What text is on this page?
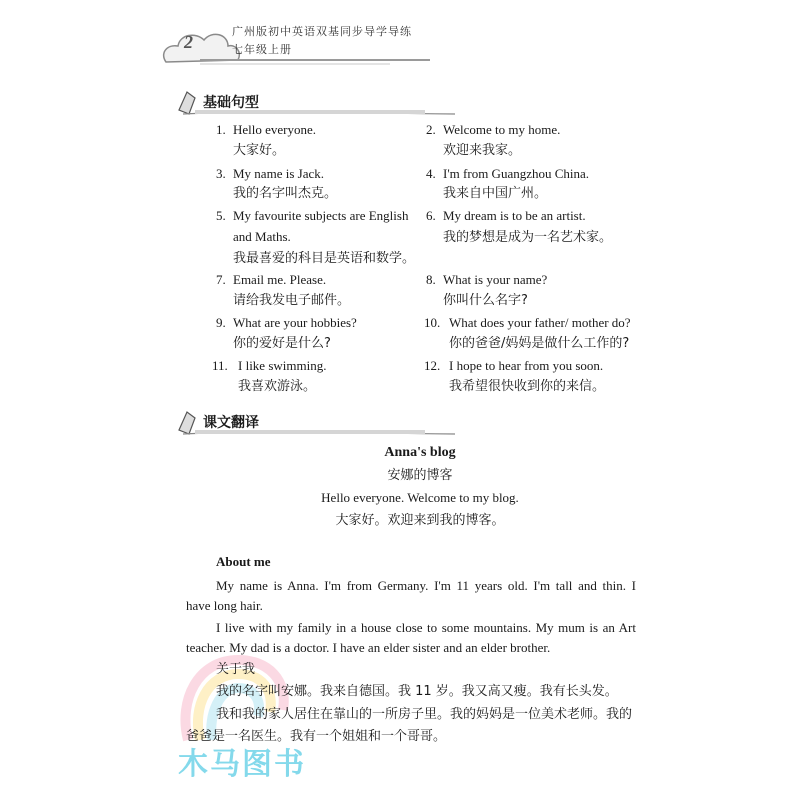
2
广州版初中英语双基同步导学导练
七年级上册
基础句型
1. Hello everyone.
大家好。
3. My name is Jack.
我的名字叫杰克。
5. My favourite subjects are English
and Maths.
我最喜爱的科目是英语和数学。
7. Email me. Please.
请给我发电子邮件。
9. What are your hobbies?
你的爱好是什么?
11. I like swimming.
我喜欢游泳。
2. Welcome to my home.
欢迎来我家。
4. I'm from Guangzhou China.
我来自中国广州。
6. My dream is to be an artist.
我的梦想是成为一名艺术家。
8. What is your name?
你叫什么名字?
10. What does your father/ mother do?
你的爸爸/妈妈是做什么工作的?
12. I hope to hear from you soon.
我希望很快收到你的来信。
课文翻译
Anna's blog
安娜的博客
Hello everyone. Welcome to my blog.
大家好。欢迎来到我的博客。
About me
My name is Anna. I'm from Germany. I'm 11 years old. I'm tall and thin. I
have long hair.
I live with my family in a house close to some mountains. My mum is an Art
teacher. My dad is a doctor. I have an elder sister and an elder brother.
木马图书
关于我
我的名字叫安娜。我来自德国。我 11 岁。我又高又瘦。我有长头发。
我和我的家人居住在靠山的一所房子里。我的妈妈是一位美术老师。我的
爸爸是一名医生。我有一个姐姐和一个哥哥。
